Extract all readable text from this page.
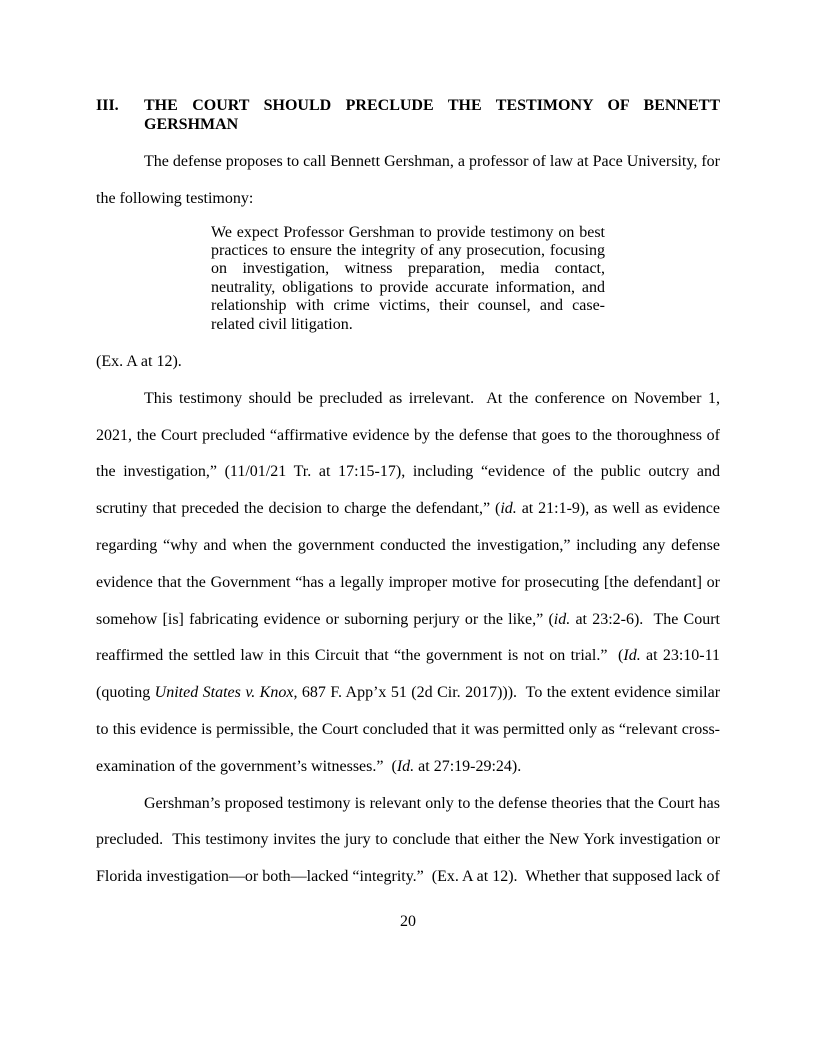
III. THE COURT SHOULD PRECLUDE THE TESTIMONY OF BENNETT GERSHMAN

The defense proposes to call Bennett Gershman, a professor of law at Pace University, for the following testimony:

We expect Professor Gershman to provide testimony on best practices to ensure the integrity of any prosecution, focusing on investigation, witness preparation, media contact, neutrality, obligations to provide accurate information, and relationship with crime victims, their counsel, and case-related civil litigation.

(Ex. A at 12).

This testimony should be precluded as irrelevant.  At the conference on November 1, 2021, the Court precluded “affirmative evidence by the defense that goes to the thoroughness of the investigation,” (11/01/21 Tr. at 17:15-17), including “evidence of the public outcry and scrutiny that preceded the decision to charge the defendant,” (id. at 21:1-9), as well as evidence regarding “why and when the government conducted the investigation,” including any defense evidence that the Government “has a legally improper motive for prosecuting [the defendant] or somehow [is] fabricating evidence or suborning perjury or the like,” (id. at 23:2-6).  The Court reaffirmed the settled law in this Circuit that “the government is not on trial.”  (Id. at 23:10-11 (quoting United States v. Knox, 687 F. App’x 51 (2d Cir. 2017))).  To the extent evidence similar to this evidence is permissible, the Court concluded that it was permitted only as “relevant cross-examination of the government’s witnesses.”  (Id. at 27:19-29:24).

Gershman’s proposed testimony is relevant only to the defense theories that the Court has precluded.  This testimony invites the jury to conclude that either the New York investigation or Florida investigation—or both—lacked “integrity.”  (Ex. A at 12).  Whether that supposed lack of

20
